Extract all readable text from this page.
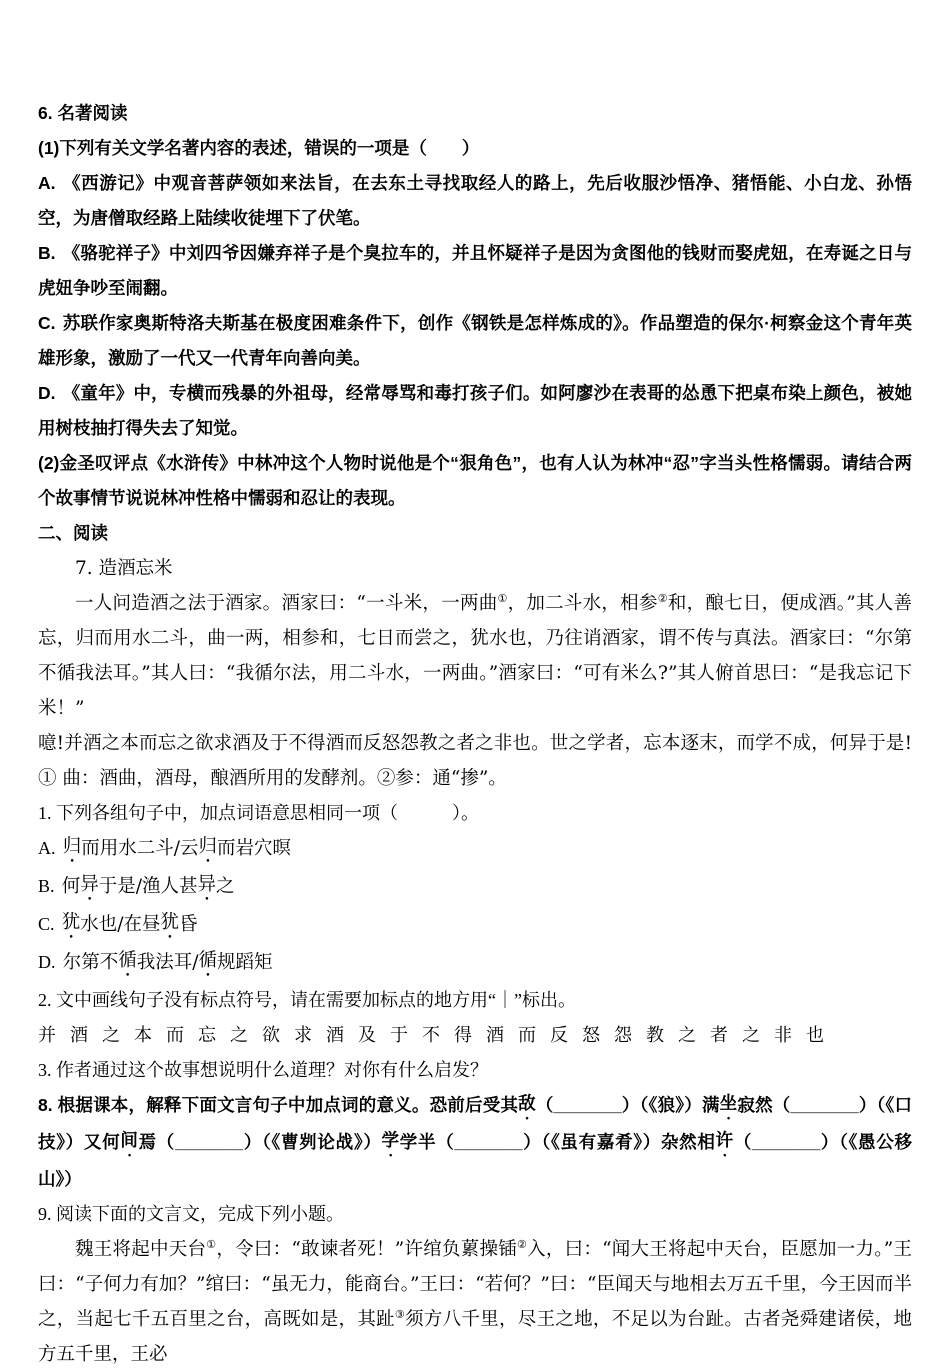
6. 名著阅读

(1)下列有关文学名著内容的表述，错误的一项是（　　）

A. 《西游记》中观音菩萨领如来法旨，在去东土寻找取经人的路上，先后收服沙悟净、猪悟能、小白龙、孙悟空，为唐僧取经路上陆续收徒埋下了伏笔。

B. 《骆驼祥子》中刘四爷因嫌弃祥子是个臭拉车的，并且怀疑祥子是因为贪图他的钱财而娶虎妞，在寿诞之日与虎妞争吵至闹翻。

C. 苏联作家奥斯特洛夫斯基在极度困难条件下，创作《钢铁是怎样炼成的》。作品塑造的保尔·柯察金这个青年英雄形象，激励了一代又一代青年向善向美。

D. 《童年》中，专横而残暴的外祖母，经常辱骂和毒打孩子们。如阿廖沙在表哥的怂恿下把桌布染上颜色，被她用树枝抽打得失去了知觉。

(2)金圣叹评点《水浒传》中林冲这个人物时说他是个“狠角色”，也有人认为林冲“忍”字当头性格懦弱。请结合两个故事情节说说林冲性格中懦弱和忍让的表现。

二、阅读

7. 造酒忘米

一人问造酒之法于酒家。酒家曰：“一斗米，一两曲①，加二斗水，相参②和，酿七日，便成酒。”其人善忘，归而用水二斗，曲一两，相参和，七日而尝之，犹水也，乃往诮酒家，谓不传与真法。酒家曰：“尔第不循我法耳。”其人曰：“我循尔法，用二斗水，一两曲。”酒家曰：“可有米么?”其人俯首思曰：“是我忘记下米！”

噫!并酒之本而忘之欲求酒及于不得酒而反怒怨教之者之非也。世之学者，忘本逐末，而学不成，何异于是!① 曲：酒曲，酒母，酿酒所用的发酵剂。②参：通“掺”。

1. 下列各组句子中，加点词语意思相同一项（　　　）。

A. 归而用水二斗/云归而岩穴暝

B. 何异于是/渔人甚异之

C. 犹水也/在昼犹昏

D. 尔第不循我法耳/循规蹈矩

2. 文中画线句子没有标点符号，请在需要加标点的地方用“｜”标出。

并酒之本而忘之欲求酒及于不得酒而反怒怨教之者之非也

3. 作者通过这个故事想说明什么道理？对你有什么启发？

8. 根据课本，解释下面文言句子中加点词的意义。恐前后受其敌（_______）（《狼》）满坐寂然（_______）（《口技》）又何间焉（_______）（《曹刿论战》）学学半（_______）（《虽有嘉肴》）杂然相许（_______）（《愚公移山》）

9. 阅读下面的文言文，完成下列小题。

魏王将起中天台①，令曰：“敢谏者死！”许绾负蔂操锸②入，曰：“闻大王将起中天台，臣愿加一力。”王曰：“子何力有加？”绾曰：“虽无力，能商台。”王曰：“若何？”曰：“臣闻天与地相去万五千里，今王因而半之，当起七千五百里之台，高既如是，其趾③须方八千里，尽王之地，不足以为台趾。古者尧舜建诸侯，地方五千里，王必
